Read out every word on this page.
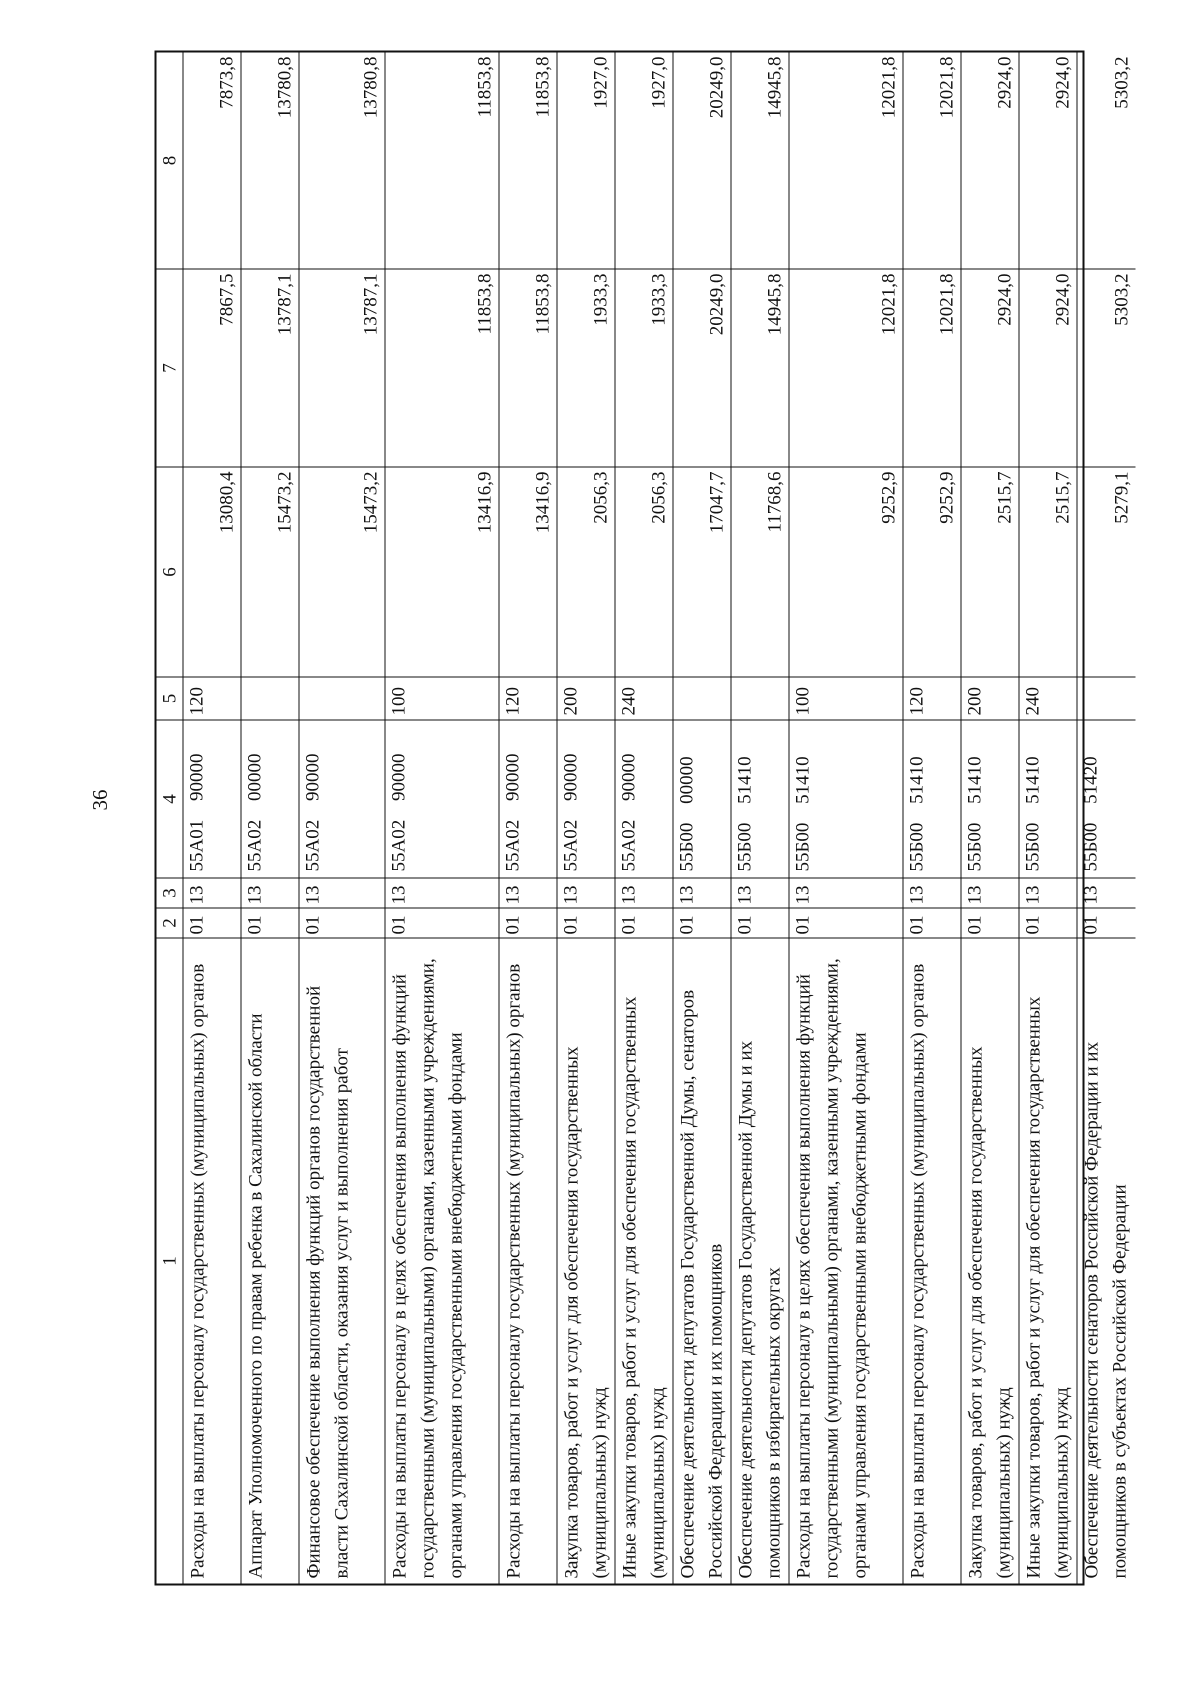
36
1
2
3
4
5
6
7
8
Расходы на выплаты персоналу государственных (муниципальных) органов
01
13
55А01 90000
120
13080,4
7867,5
7873,8
Аппарат Уполномоченного по правам ребенка в Сахалинской области
01
13
55А02 00000
15473,2
13787,1
13780,8
Финансовое обеспечение выполнения функций органов государственной власти Сахалинской области, оказания услуг и выполнения работ
01
13
55А02 90000
15473,2
13787,1
13780,8
Расходы на выплаты персоналу в целях обеспечения выполнения функций государственными (муниципальными) органами, казенными учреждениями, органами управления государственными внебюджетными фондами
01
13
55А02 90000
100
13416,9
11853,8
11853,8
Расходы на выплаты персоналу государственных (муниципальных) органов
01
13
55А02 90000
120
13416,9
11853,8
11853,8
Закупка товаров, работ и услуг для обеспечения государственных (муниципальных) нужд
01
13
55А02 90000
200
2056,3
1933,3
1927,0
Иные закупки товаров, работ и услуг для обеспечения государственных (муниципальных) нужд
01
13
55А02 90000
240
2056,3
1933,3
1927,0
Обеспечение деятельности депутатов Государственной Думы, сенаторов Российской Федерации и их помощников
01
13
55Б00 00000
17047,7
20249,0
20249,0
Обеспечение деятельности депутатов Государственной Думы и их помощников в избирательных округах
01
13
55Б00 51410
11768,6
14945,8
14945,8
Расходы на выплаты персоналу в целях обеспечения выполнения функций государственными (муниципальными) органами, казенными учреждениями, органами управления государственными внебюджетными фондами
01
13
55Б00 51410
100
9252,9
12021,8
12021,8
Расходы на выплаты персоналу государственных (муниципальных) органов
01
13
55Б00 51410
120
9252,9
12021,8
12021,8
Закупка товаров, работ и услуг для обеспечения государственных (муниципальных) нужд
01
13
55Б00 51410
200
2515,7
2924,0
2924,0
Иные закупки товаров, работ и услуг для обеспечения государственных (муниципальных) нужд
01
13
55Б00 51410
240
2515,7
2924,0
2924,0
Обеспечение деятельности сенаторов Российской Федерации и их помощников в субъектах Российской Федерации
01
13
55Б00 51420
5279,1
5303,2
5303,2
